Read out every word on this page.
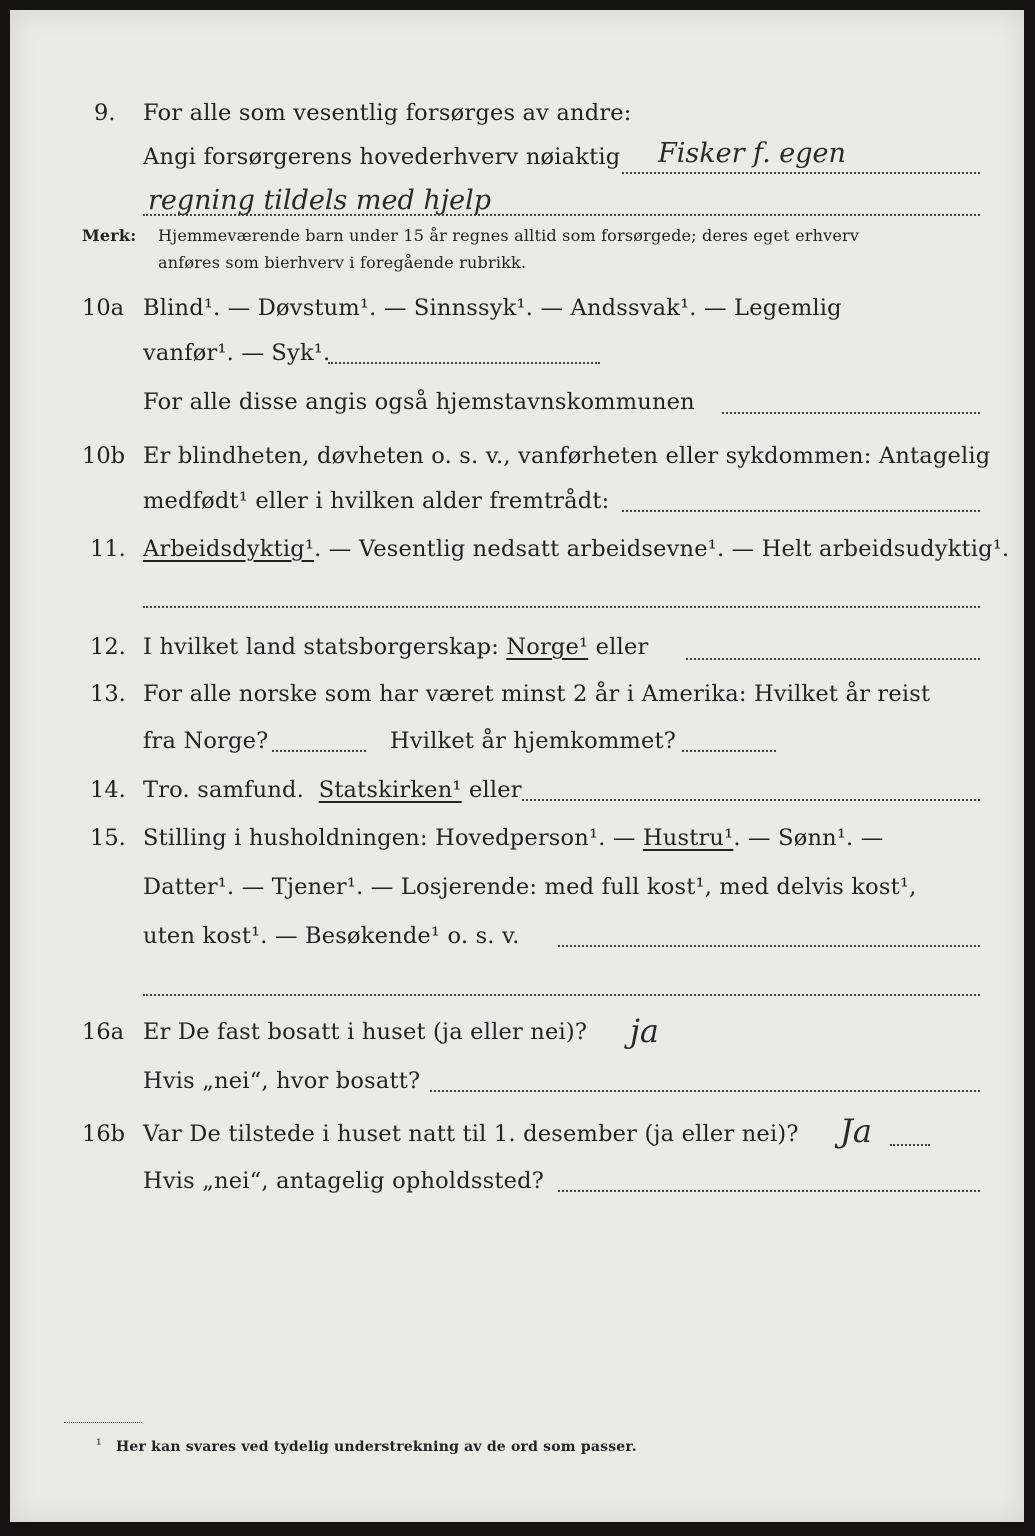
9. For alle som vesentlig forsørges av andre:
Angi forsørgerens hovederhverv nøiaktig Fisker f. egen
regning tildels med hjelp
Merk: Hjemmeværende barn under 15 år regnes alltid som forsørgede; deres eget erhverv
anføres som bierhverv i foregående rubrikk.
10a Blind¹. — Døvstum¹. — Sinnssyk¹. — Andssvak¹. — Legemlig
vanfør¹. — Syk¹.
For alle disse angis også hjemstavnskommunen
10b Er blindheten, døvheten o. s. v., vanførheten eller sykdommen: Antagelig
medfødt¹ eller i hvilken alder fremtrådt:
11. Arbeidsdyktig¹. — Vesentlig nedsatt arbeidsevne¹. — Helt arbeidsudyktig¹.
12. I hvilket land statsborgerskap: Norge¹ eller
13. For alle norske som har været minst 2 år i Amerika: Hvilket år reist
fra Norge?	Hvilket år hjemkommet?
14. Tro. samfund. Statskirken¹ eller
15. Stilling i husholdningen: Hovedperson¹. — Hustru¹. — Sønn¹. —
Datter¹. — Tjener¹. — Losjerende: med full kost¹, med delvis kost¹,
uten kost¹. — Besøkende¹ o. s. v.
16a Er De fast bosatt i huset (ja eller nei)? ja
Hvis „nei“, hvor bosatt?
16b Var De tilstede i huset natt til 1. desember (ja eller nei)? Ja
Hvis „nei“, antagelig opholdssted?
¹ Her kan svares ved tydelig understrekning av de ord som passer.
